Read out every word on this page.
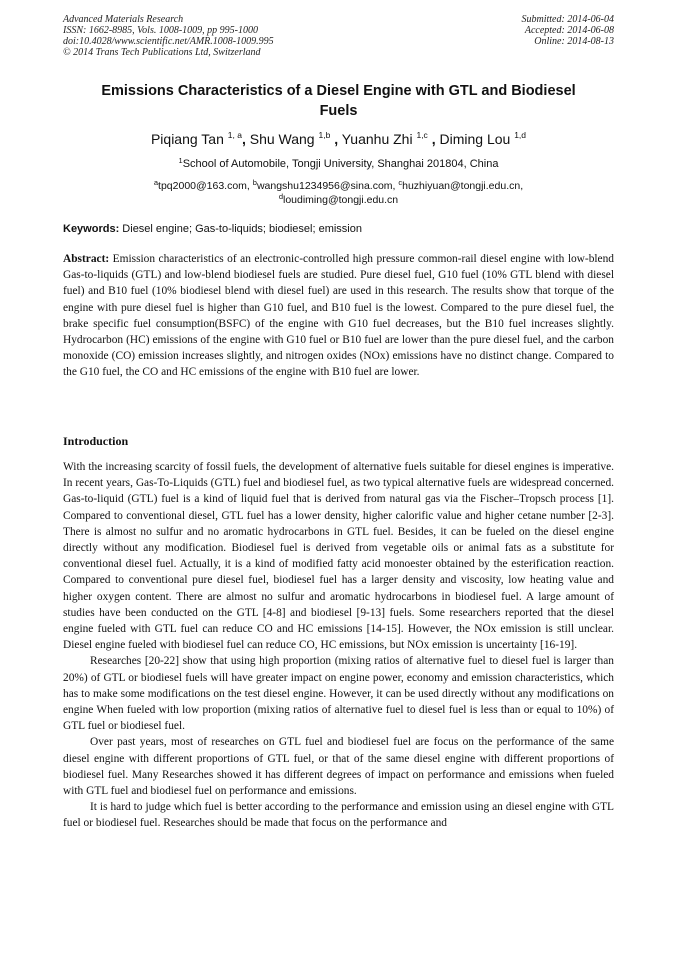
Advanced Materials Research
ISSN: 1662-8985, Vols. 1008-1009, pp 995-1000
doi:10.4028/www.scientific.net/AMR.1008-1009.995
© 2014 Trans Tech Publications Ltd, Switzerland
Submitted: 2014-06-04
Accepted: 2014-06-08
Online: 2014-08-13
Emissions Characteristics of a Diesel Engine with GTL and Biodiesel
Fuels
Piqiang Tan $^{1, a}$, Shu Wang $^{1,b}$ , Yuanhu Zhi $^{1,c}$ , Diming Lou $^{1,d}$
$^1$School of Automobile, Tongji University, Shanghai 201804, China
$^a$tpq2000@163.com, $^b$wangshu1234956@sina.com, $^c$huzhiyuan@tongji.edu.cn,
$^d$loudiming@tongji.edu.cn
Keywords: Diesel engine; Gas-to-liquids; biodiesel; emission

Abstract: Emission characteristics of an electronic-controlled high pressure common-rail diesel engine with low-blend Gas-to-liquids (GTL) and low-blend biodiesel fuels are studied. Pure diesel fuel, G10 fuel (10% GTL blend with diesel fuel) and B10 fuel (10% biodiesel blend with diesel fuel) are used in this research. The results show that torque of the engine with pure diesel fuel is higher than G10 fuel, and B10 fuel is the lowest. Compared to the pure diesel fuel, the brake specific fuel consumption(BSFC) of the engine with G10 fuel decreases, but the B10 fuel increases slightly. Hydrocarbon (HC) emissions of the engine with G10 fuel or B10 fuel are lower than the pure diesel fuel, and the carbon monoxide (CO) emission increases slightly, and nitrogen oxides (NOx) emissions have no distinct change. Compared to the G10 fuel, the CO and HC emissions of the engine with B10 fuel are lower.

Introduction

With the increasing scarcity of fossil fuels, the development of alternative fuels suitable for diesel engines is imperative. In recent years, Gas-To-Liquids (GTL) fuel and biodiesel fuel, as two typical alternative fuels are widespread concerned. Gas-to-liquid (GTL) fuel is a kind of liquid fuel that is derived from natural gas via the Fischer–Tropsch process [1]. Compared to conventional diesel, GTL fuel has a lower density, higher calorific value and higher cetane number [2-3]. There is almost no sulfur and no aromatic hydrocarbons in GTL fuel. Besides, it can be fueled on the diesel engine directly without any modification. Biodiesel fuel is derived from vegetable oils or animal fats as a substitute for conventional diesel fuel. Actually, it is a kind of modified fatty acid monoester obtained by the esterification reaction. Compared to conventional pure diesel fuel, biodiesel fuel has a larger density and viscosity, low heating value and higher oxygen content. There are almost no sulfur and aromatic hydrocarbons in biodiesel fuel. A large amount of studies have been conducted on the GTL [4-8] and biodiesel [9-13] fuels. Some researchers reported that the diesel engine fueled with GTL fuel can reduce CO and HC emissions [14-15]. However, the NOx emission is still unclear. Diesel engine fueled with biodiesel fuel can reduce CO, HC emissions, but NOx emission is uncertainty [16-19].

Researches [20-22] show that using high proportion (mixing ratios of alternative fuel to diesel fuel is larger than 20%) of GTL or biodiesel fuels will have greater impact on engine power, economy and emission characteristics, which has to make some modifications on the test diesel engine. However, it can be used directly without any modifications on engine When fueled with low proportion (mixing ratios of alternative fuel to diesel fuel is less than or equal to 10%) of GTL fuel or biodiesel fuel.

Over past years, most of researches on GTL fuel and biodiesel fuel are focus on the performance of the same diesel engine with different proportions of GTL fuel, or that of the same diesel engine with different proportions of biodiesel fuel. Many Researches showed it has different degrees of impact on performance and emissions when fueled with GTL fuel and biodiesel fuel on performance and emissions.

It is hard to judge which fuel is better according to the performance and emission using an diesel engine with GTL fuel or biodiesel fuel. Researches should be made that focus on the performance and
